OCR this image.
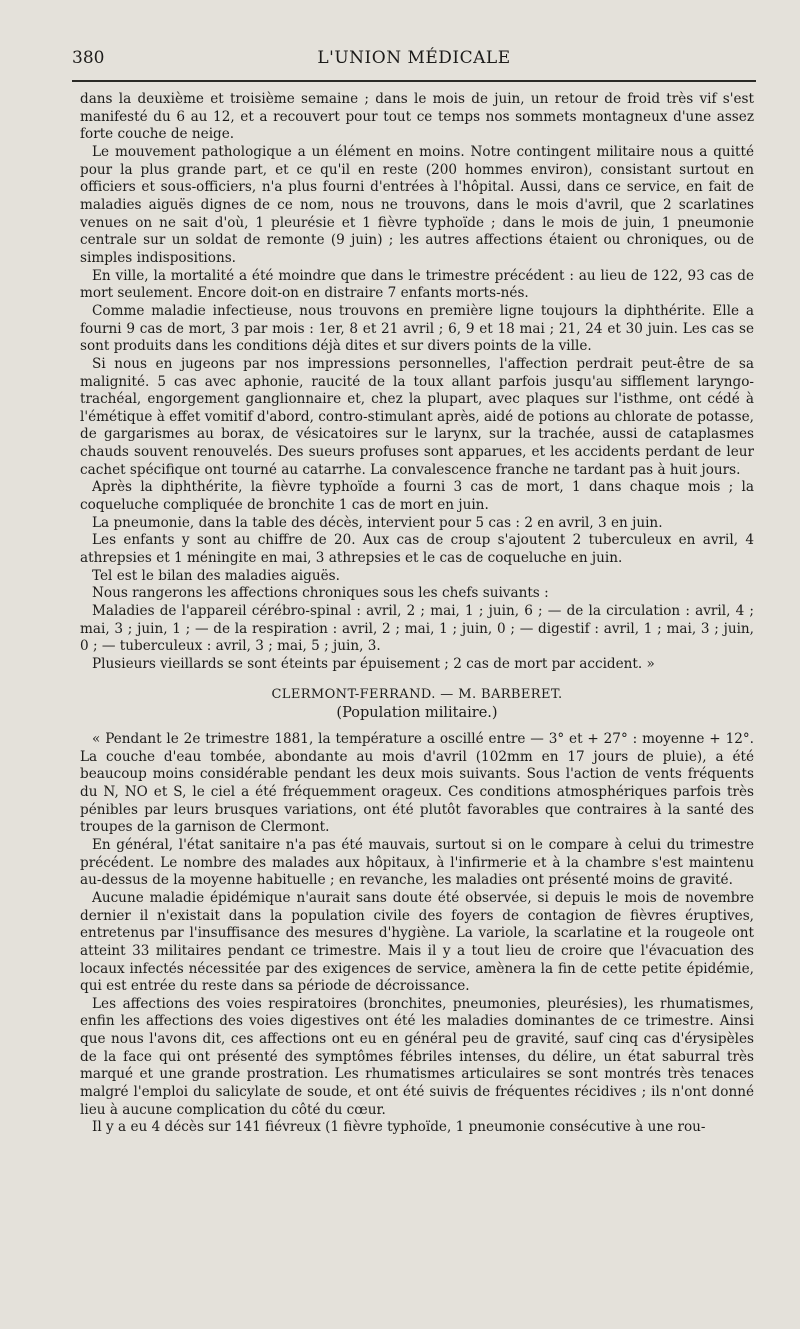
380	L'UNION MÉDICALE

dans la deuxième et troisième semaine ; dans le mois de juin, un retour de froid très vif s'est manifesté du 6 au 12, et a recouvert pour tout ce temps nos sommets montagneux d'une assez forte couche de neige.

Le mouvement pathologique a un élément en moins. Notre contingent militaire nous a quitté pour la plus grande part, et ce qu'il en reste (200 hommes environ), consistant surtout en officiers et sous-officiers, n'a plus fourni d'entrées à l'hôpital. Aussi, dans ce service, en fait de maladies aiguës dignes de ce nom, nous ne trouvons, dans le mois d'avril, que 2 scarlatines venues on ne sait d'où, 1 pleurésie et 1 fièvre typhoïde ; dans le mois de juin, 1 pneumonie centrale sur un soldat de remonte (9 juin) ; les autres affections étaient ou chroniques, ou de simples indispositions.

En ville, la mortalité a été moindre que dans le trimestre précédent : au lieu de 122, 93 cas de mort seulement. Encore doit-on en distraire 7 enfants morts-nés.

Comme maladie infectieuse, nous trouvons en première ligne toujours la diphthérite. Elle a fourni 9 cas de mort, 3 par mois : 1er, 8 et 21 avril ; 6, 9 et 18 mai ; 21, 24 et 30 juin. Les cas se sont produits dans les conditions déjà dites et sur divers points de la ville.

Si nous en jugeons par nos impressions personnelles, l'affection perdrait peut-être de sa malignité. 5 cas avec aphonie, raucité de la toux allant parfois jusqu'au sifflement laryngo-trachéal, engorgement ganglionnaire et, chez la plupart, avec plaques sur l'isthme, ont cédé à l'émétique à effet vomitif d'abord, contro-stimulant après, aidé de potions au chlorate de potasse, de gargarismes au borax, de vésicatoires sur le larynx, sur la trachée, aussi de cataplasmes chauds souvent renouvelés. Des sueurs profuses sont apparues, et les accidents perdant de leur cachet spécifique ont tourné au catarrhe. La convalescence franche ne tardant pas à huit jours.

Après la diphthérite, la fièvre typhoïde a fourni 3 cas de mort, 1 dans chaque mois ; la coqueluche compliquée de bronchite 1 cas de mort en juin.

La pneumonie, dans la table des décès, intervient pour 5 cas : 2 en avril, 3 en juin.

Les enfants y sont au chiffre de 20. Aux cas de croup s'ajoutent 2 tuberculeux en avril, 4 athrepsies et 1 méningite en mai, 3 athrepsies et le cas de coqueluche en juin.

Tel est le bilan des maladies aiguës.

Nous rangerons les affections chroniques sous les chefs suivants :

Maladies de l'appareil cérébro-spinal : avril, 2 ; mai, 1 ; juin, 6 ; — de la circulation : avril, 4 ; mai, 3 ; juin, 1 ; — de la respiration : avril, 2 ; mai, 1 ; juin, 0 ; — digestif : avril, 1 ; mai, 3 ; juin, 0 ; — tuberculeux : avril, 3 ; mai, 5 ; juin, 3.

Plusieurs vieillards se sont éteints par épuisement ; 2 cas de mort par accident. »

CLERMONT-FERRAND. — M. BARBERET.
(Population militaire.)

« Pendant le 2e trimestre 1881, la température a oscillé entre — 3° et + 27° : moyenne + 12°. La couche d'eau tombée, abondante au mois d'avril (102mm en 17 jours de pluie), a été beaucoup moins considérable pendant les deux mois suivants. Sous l'action de vents fréquents du N, NO et S, le ciel a été fréquemment orageux. Ces conditions atmosphériques parfois très pénibles par leurs brusques variations, ont été plutôt favorables que contraires à la santé des troupes de la garnison de Clermont.

En général, l'état sanitaire n'a pas été mauvais, surtout si on le compare à celui du trimestre précédent. Le nombre des malades aux hôpitaux, à l'infirmerie et à la chambre s'est maintenu au-dessus de la moyenne habituelle ; en revanche, les maladies ont présenté moins de gravité.

Aucune maladie épidémique n'aurait sans doute été observée, si depuis le mois de novembre dernier il n'existait dans la population civile des foyers de contagion de fièvres éruptives, entretenus par l'insuffisance des mesures d'hygiène. La variole, la scarlatine et la rougeole ont atteint 33 militaires pendant ce trimestre. Mais il y a tout lieu de croire que l'évacuation des locaux infectés nécessitée par des exigences de service, amènera la fin de cette petite épidémie, qui est entrée du reste dans sa période de décroissance.

Les affections des voies respiratoires (bronchites, pneumonies, pleurésies), les rhumatismes, enfin les affections des voies digestives ont été les maladies dominantes de ce trimestre. Ainsi que nous l'avons dit, ces affections ont eu en général peu de gravité, sauf cinq cas d'érysipèles de la face qui ont présenté des symptômes fébriles intenses, du délire, un état saburral très marqué et une grande prostration. Les rhumatismes articulaires se sont montrés très tenaces malgré l'emploi du salicylate de soude, et ont été suivis de fréquentes récidives ; ils n'ont donné lieu à aucune complication du côté du cœur.

Il y a eu 4 décès sur 141 fiévreux (1 fièvre typhoïde, 1 pneumonie consécutive à une rou-
